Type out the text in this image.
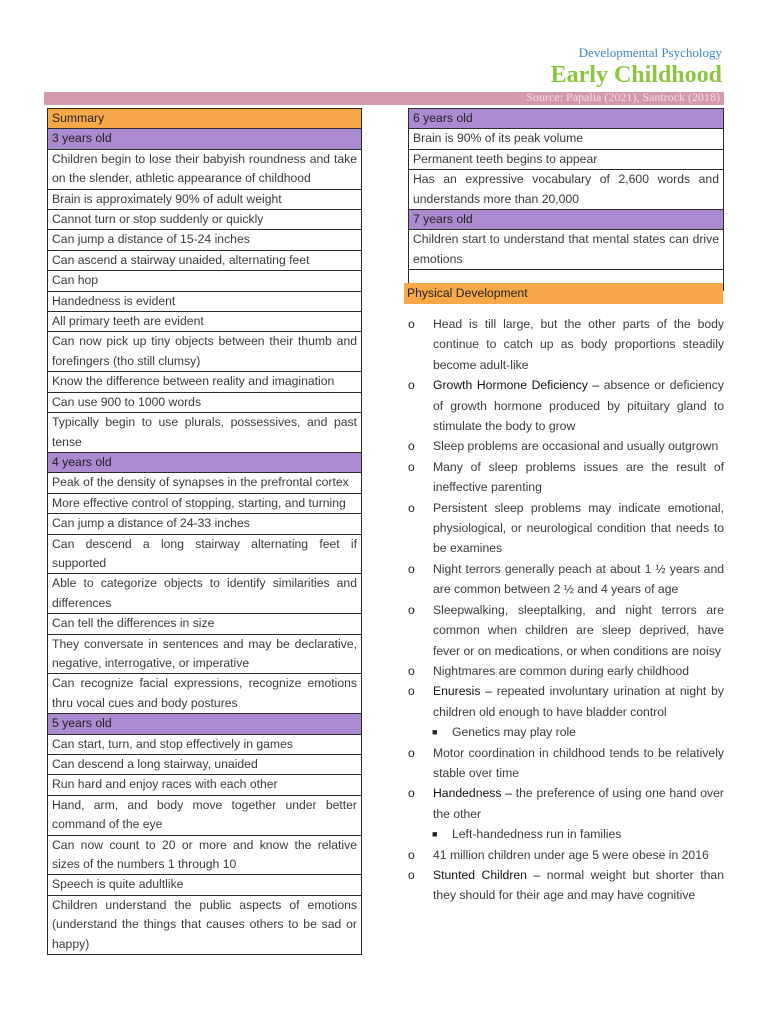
Developmental Psychology
Early Childhood
Source: Papalia (2021), Santrock (2018)
Summary
3 years old
Children begin to lose their babyish roundness and take on the slender, athletic appearance of childhood
Brain is approximately 90% of adult weight
Cannot turn or stop suddenly or quickly
Can jump a distance of 15-24 inches
Can ascend a stairway unaided, alternating feet
Can hop
Handedness is evident
All primary teeth are evident
Can now pick up tiny objects between their thumb and forefingers (tho still clumsy)
Know the difference between reality and imagination
Can use 900 to 1000 words
Typically begin to use plurals, possessives, and past tense
4 years old
Peak of the density of synapses in the prefrontal cortex
More effective control of stopping, starting, and turning
Can jump a distance of 24-33 inches
Can descend a long stairway alternating feet if supported
Able to categorize objects to identify similarities and differences
Can tell the differences in size
They conversate in sentences and may be declarative, negative, interrogative, or imperative
Can recognize facial expressions, recognize emotions thru vocal cues and body postures
5 years old
Can start, turn, and stop effectively in games
Can descend a long stairway, unaided
Run hard and enjoy races with each other
Hand, arm, and body move together under better command of the eye
Can now count to 20 or more and know the relative sizes of the numbers 1 through 10
Speech is quite adultlike
Children understand the public aspects of emotions (understand the things that causes others to be sad or happy)
6 years old
Brain is 90% of its peak volume
Permanent teeth begins to appear
Has an expressive vocabulary of 2,600 words and understands more than 20,000
7 years old
Children start to understand that mental states can drive emotions

Physical Development
o Head is till large, but the other parts of the body continue to catch up as body proportions steadily become adult-like
o Growth Hormone Deficiency – absence or deficiency of growth hormone produced by pituitary gland to stimulate the body to grow
o Sleep problems are occasional and usually outgrown
o Many of sleep problems issues are the result of ineffective parenting
o Persistent sleep problems may indicate emotional, physiological, or neurological condition that needs to be examines
o Night terrors generally peach at about 1 ½ years and are common between 2 ½ and 4 years of age
o Sleepwalking, sleeptalking, and night terrors are common when children are sleep deprived, have fever or on medications, or when conditions are noisy
o Nightmares are common during early childhood
o Enuresis – repeated involuntary urination at night by children old enough to have bladder control
■ Genetics may play role
o Motor coordination in childhood tends to be relatively stable over time
o Handedness – the preference of using one hand over the other
■ Left-handedness run in families
o 41 million children under age 5 were obese in 2016
o Stunted Children – normal weight but shorter than they should for their age and may have cognitive
